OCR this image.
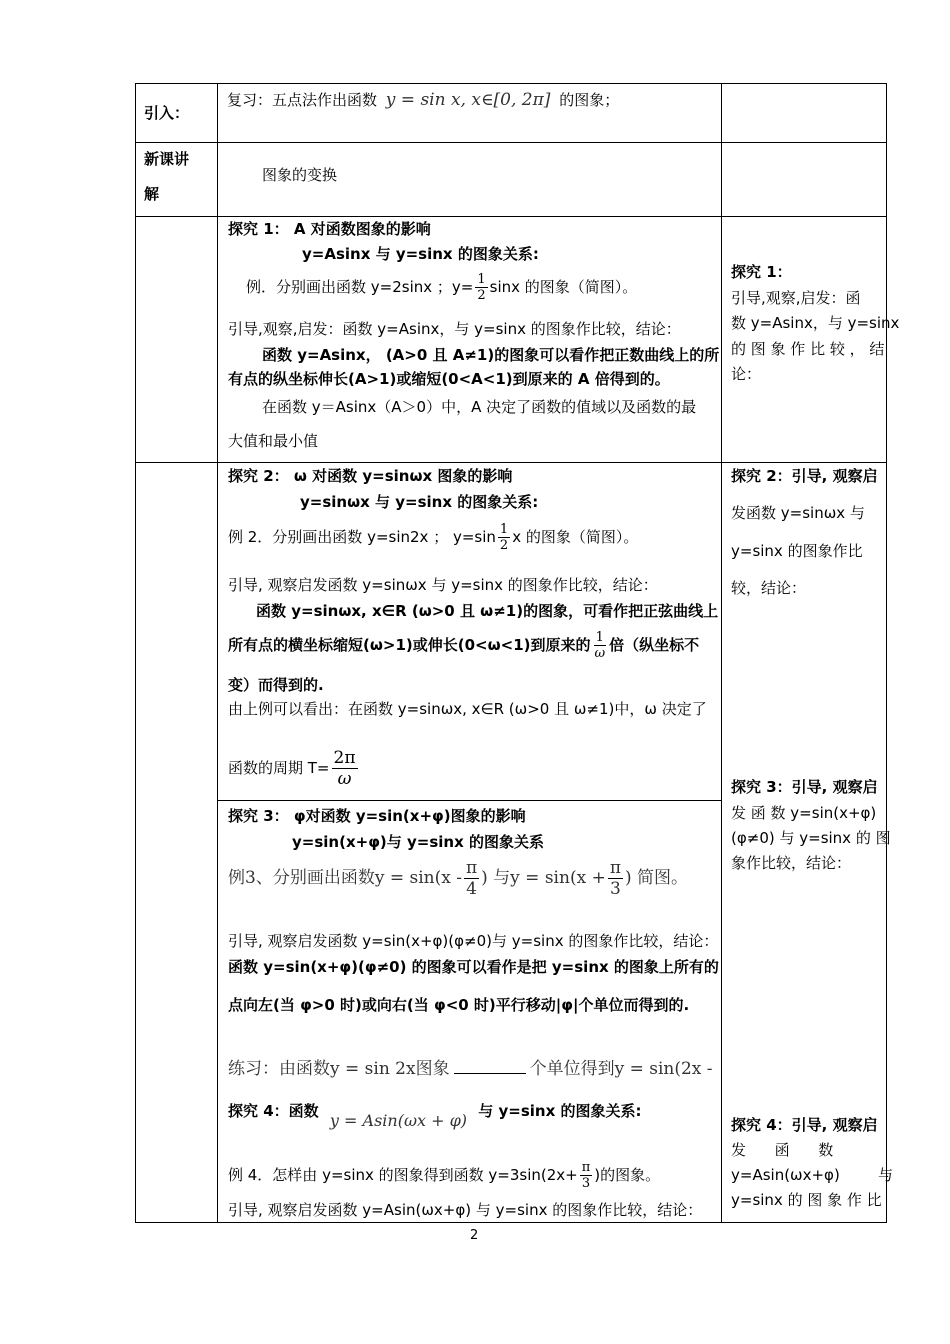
引入：
复习：五点法作出函数 y = sin x, x∈[0, 2π] 的图象；
新课讲
解
图象的变换
探究 1： A 对函数图象的影响
y=Asinx 与 y=sinx 的图象关系:
例．分别画出函数 y=2sinx ；$y= \frac{1}{2}$ sinx 的图象（简图）。
引导,观察,启发：函数 y=Asinx，与 y=sinx 的图象作比较，结论：
函数 y=Asinx， (A>0 且 A≠1)的图象可以看作把正数曲线上的所
有点的纵坐标伸长(A>1)或缩短(0<A<1)到原来的 A 倍得到的。
在函数 y＝Asinx（A＞0）中，A 决定了函数的值域以及函数的最
大值和最小值
探究 1：
引导,观察,启发：函
数 y=Asinx，与 y=sinx
的 图 象 作 比 较 ， 结
论：
探究 2： ω 对函数 y=sinωx 图象的影响
y=sinωx 与 y=sinx 的图象关系:
例 2．分别画出函数 y=sin2x ； $y=\sin \frac{1}{2}$ x 的图象（简图）。
引导, 观察启发函数 y=sinωx 与 y=sinx 的图象作比较，结论：
函数 y=sinωx, x∈R (ω>0 且 ω≠1)的图象，可看作把正弦曲线上
所有点的横坐标缩短(ω>1)或伸长(0<ω<1)到原来的 $\frac{1}{\omega}$ 倍（纵坐标不
变）而得到的.
由上例可以看出：在函数 y=sinωx, x∈R (ω>0 且 ω≠1)中，ω 决定了
函数的周期 $T= \frac{2\pi}{\omega}$
探究 2：引导, 观察启
发函数 y=sinωx 与
y=sinx 的图象作比
较，结论：
探究 3： φ对函数 y=sin(x+φ)图象的影响
y=sin(x+φ)与 y=sinx 的图象关系
例3、分别画出函数$y = \sin(x - \frac{\pi}{4}$ ) 与$y = \sin(x + \frac{\pi}{3}$ ) 简图。
引导, 观察启发函数 y=sin(x+φ)(φ≠0)与 y=sinx 的图象作比较，结论：
函数 y=sin(x+φ)(φ≠0) 的图象可以看作是把 y=sinx 的图象上所有的
点向左(当 φ>0 时)或向右(当 φ<0 时)平行移动|φ|个单位而得到的.
练习：由函数y = sin 2x图象	个单位得到y = sin(2x -
探究 3：引导, 观察启
发 函 数 y=sin(x+φ)
(φ≠0) 与 y=sinx 的 图
象作比较，结论：
探究 4：函数 y = Asin(ωx + φ) 与 y=sinx 的图象关系:
例 4．怎样由 y=sinx 的图象得到函数 $y=3\sin(2x+ \frac{\pi}{3}$ )的图象。
引导, 观察启发函数 y=Asin(ωx+φ) 与 y=sinx 的图象作比较，结论：
探究 4：引导, 观察启
发      函      数
y=Asin(ωx+φ)        与
y=sinx 的 图 象 作 比
2
